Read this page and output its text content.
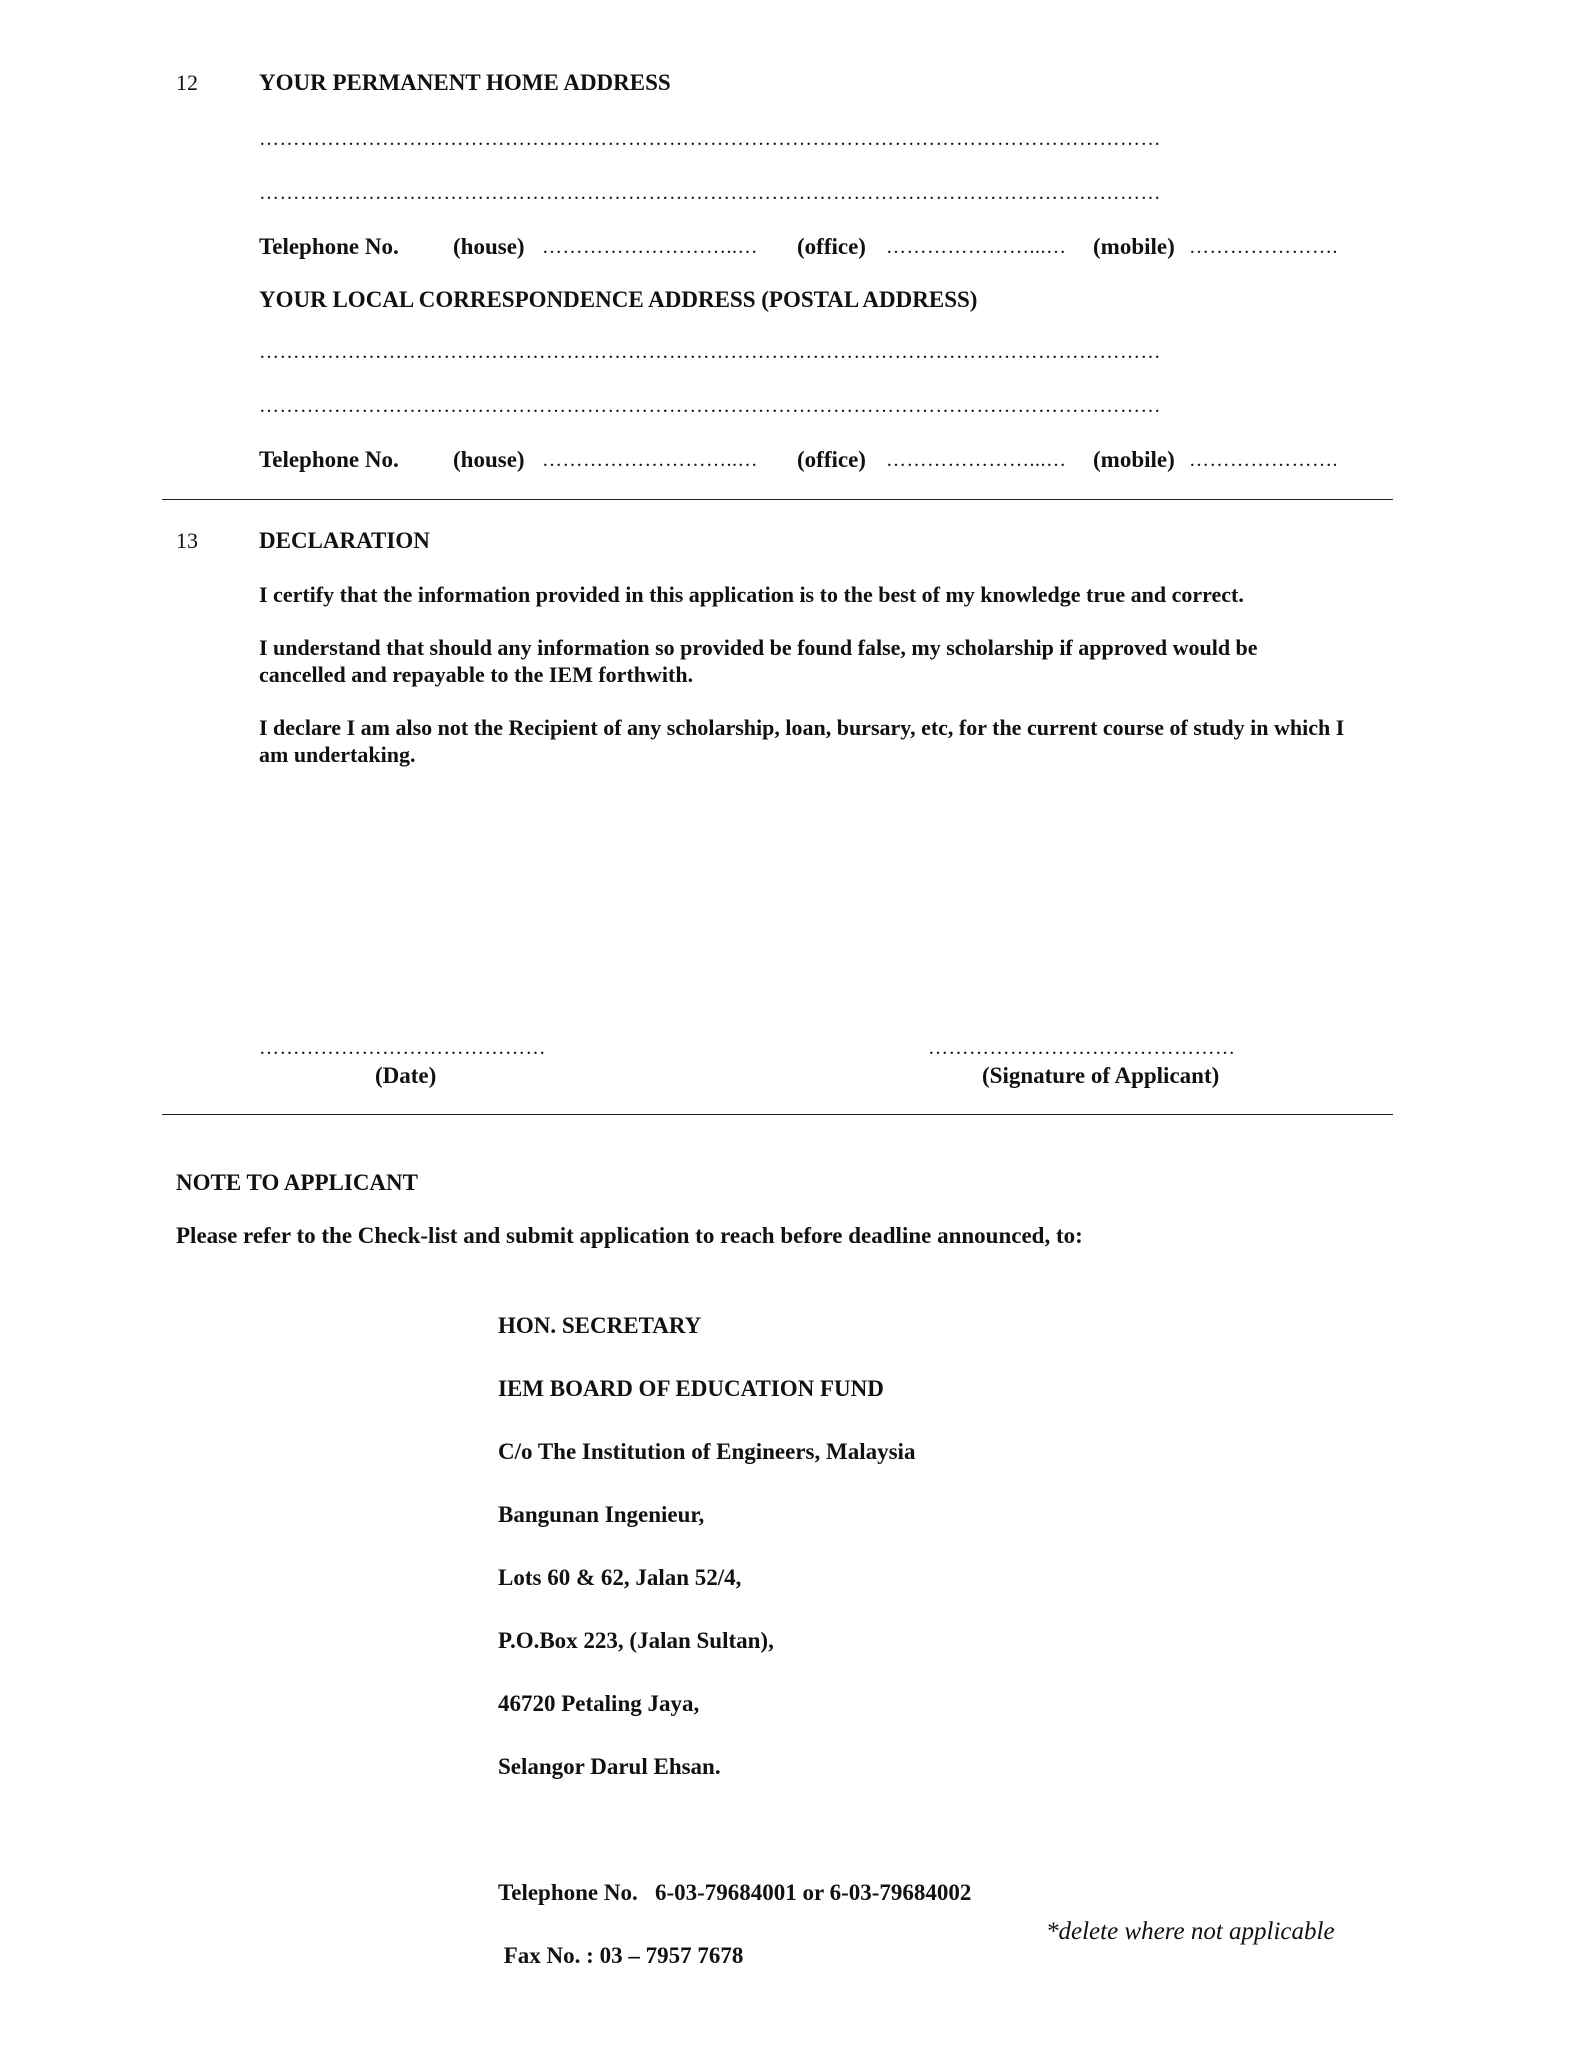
12	YOUR PERMANENT HOME ADDRESS
……………………………………………………………………………………………………………………
……………………………………………………………………………………………………………………
Telephone No. (house) ………………………..… (office) …………………...… (mobile) ………………….
YOUR LOCAL CORRESPONDENCE ADDRESS (POSTAL ADDRESS)
……………………………………………………………………………………………………………………
……………………………………………………………………………………………………………………
Telephone No. (house) ………………………..… (office) …………………...… (mobile) ………………….
13	DECLARATION
I certify that the information provided in this application is to the best of my knowledge true and correct.
I understand that should any information so provided be found false, my scholarship if approved would be cancelled and repayable to the IEM forthwith.
I declare I am also not the Recipient of any scholarship, loan, bursary, etc, for the current course of study in which I am undertaking.
……………………………………
(Date)
………………………………………
(Signature of Applicant)
NOTE TO APPLICANT
Please refer to the Check-list and submit application to reach before deadline announced, to:

HON. SECRETARY

IEM BOARD OF EDUCATION FUND

C/o The Institution of Engineers, Malaysia

Bangunan Ingenieur,

Lots 60 & 62, Jalan 52/4,

P.O.Box 223, (Jalan Sultan),

46720 Petaling Jaya,

Selangor Darul Ehsan.

Telephone No.   6-03-79684001 or 6-03-79684002

Fax No. : 03 – 7957 7678

*delete where not applicable
